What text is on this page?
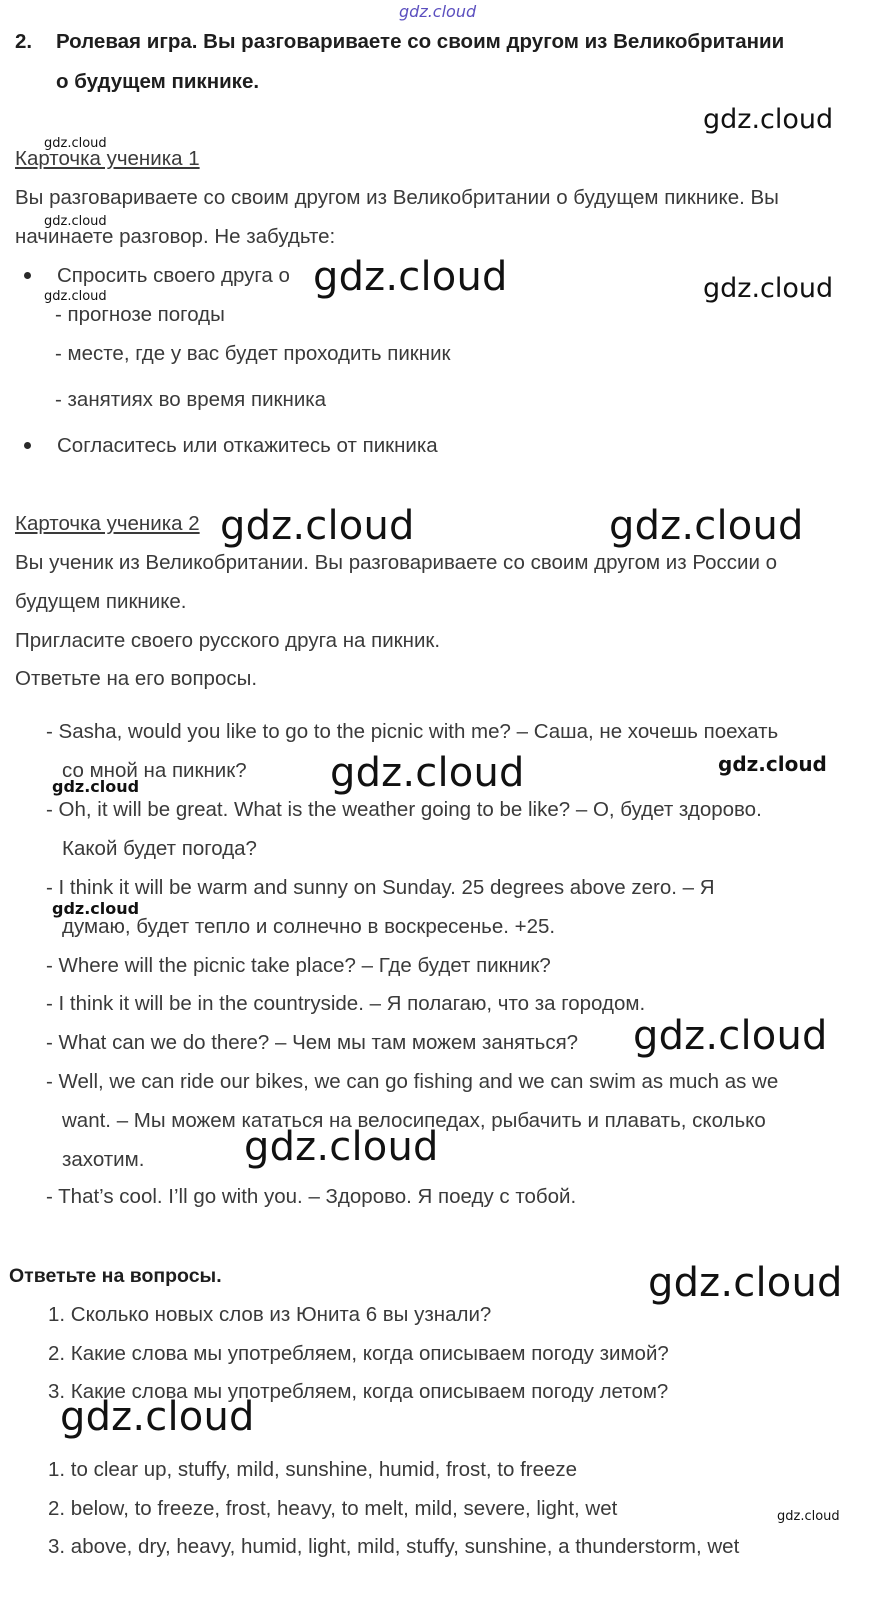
gdz.cloud
2. Ролевая игра. Вы разговариваете со своим другом из Великобритании
о будущем пикнике.
gdz.cloud
gdz.cloud
Карточка ученика 1
Вы разговариваете со своим другом из Великобритании о будущем пикнике. Вы
gdz.cloud
начинаете разговор. Не забудьте:
Спросить своего друга о gdz.cloud	gdz.cloud
gdz.cloud
- прогнозе погоды
- месте, где у вас будет проходить пикник
- занятиях во время пикника
Согласитесь или откажитесь от пикника
Карточка ученика 2 gdz.cloud	gdz.cloud
Вы ученик из Великобритании. Вы разговариваете со своим другом из России о
будущем пикнике.
Пригласите своего русского друга на пикник.
Ответьте на его вопросы.
- Sasha, would you like to go to the picnic with me? – Саша, не хочешь поехать
со мной на пикник? gdz.cloud	gdz.cloud
gdz.cloud
- Oh, it will be great. What is the weather going to be like? – О, будет здорово.
Какой будет погода?
- I think it will be warm and sunny on Sunday. 25 degrees above zero. – Я
gdz.cloud
думаю, будет тепло и солнечно в воскресенье. +25.
- Where will the picnic take place? – Где будет пикник?
- I think it will be in the countryside. – Я полагаю, что за городом.
- What can we do there? – Чем мы там можем заняться? gdz.cloud
- Well, we can ride our bikes, we can go fishing and we can swim as much as we
want. – Мы можем кататься на велосипедах, рыбачить и плавать, сколько
gdz.cloud
захотим.
- That’s cool. I’ll go with you. – Здорово. Я поеду с тобой.
Ответьте на вопросы.	gdz.cloud
1. Сколько новых слов из Юнита 6 вы узнали?
2. Какие слова мы употребляем, когда описываем погоду зимой?
3. Какие слова мы употребляем, когда описываем погоду летом?
gdz.cloud
1. to clear up, stuffy, mild, sunshine, humid, frost, to freeze
2. below, to freeze, frost, heavy, to melt, mild, severe, light, wet	gdz.cloud
3. above, dry, heavy, humid, light, mild, stuffy, sunshine, a thunderstorm, wet
